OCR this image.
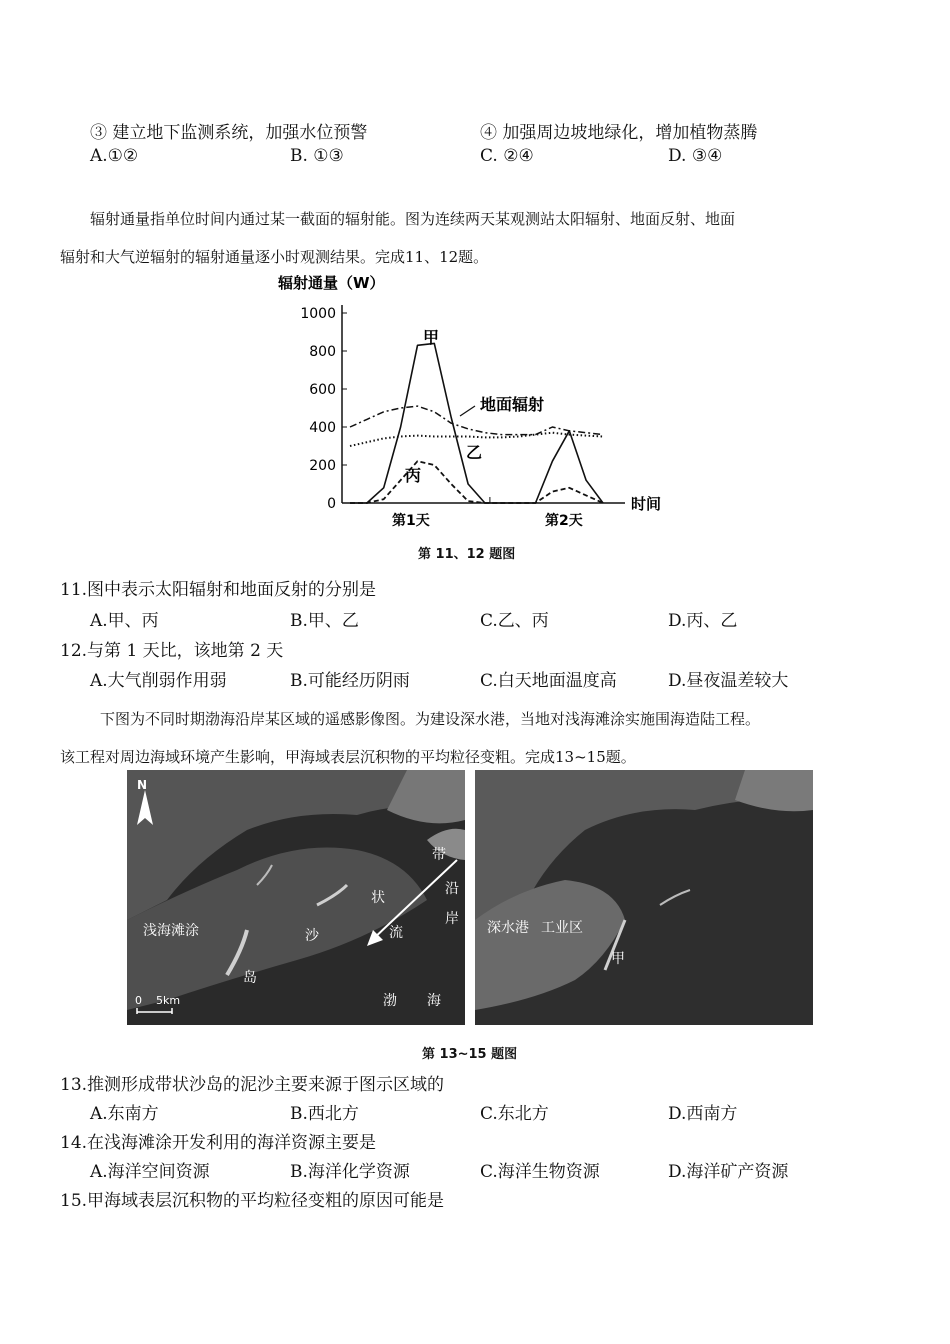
③ 建立地下监测系统，加强水位预警	④ 加强周边坡地绿化，增加植物蒸腾
A.①②	B. ①③	C. ②④	D. ③④
辐射通量指单位时间内通过某一截面的辐射能。图为连续两天某观测站太阳辐射、地面反射、地面
辐射和大气逆辐射的辐射通量逐小时观测结果。完成11、12题。
辐射通量（W）
时间
1000
800
600
400
200
0
第1天	第2天
甲
地面辐射
乙
丙
第 11、12 题图
11.图中表示太阳辐射和地面反射的分别是
A.甲、丙	B.甲、乙	C.乙、丙	D.丙、乙
12.与第 1 天比，该地第 2 天
A.大气削弱作用弱	B.可能经历阴雨	C.白天地面温度高	D.昼夜温差较大
下图为不同时期渤海沿岸某区域的遥感影像图。为建设深水港，当地对浅海滩涂实施围海造陆工程。
该工程对周边海域环境产生影响，甲海域表层沉积物的平均粒径变粗。完成13~15题。
N
浅海滩涂	沙
岛
带
状
沿
岸
流
渤 海
0    5km
深水港 工业区
甲
第 13~15 题图
13.推测形成带状沙岛的泥沙主要来源于图示区域的
A.东南方	B.西北方	C.东北方	D.西南方
14.在浅海滩涂开发利用的海洋资源主要是
A.海洋空间资源	B.海洋化学资源	C.海洋生物资源	D.海洋矿产资源
15.甲海域表层沉积物的平均粒径变粗的原因可能是
